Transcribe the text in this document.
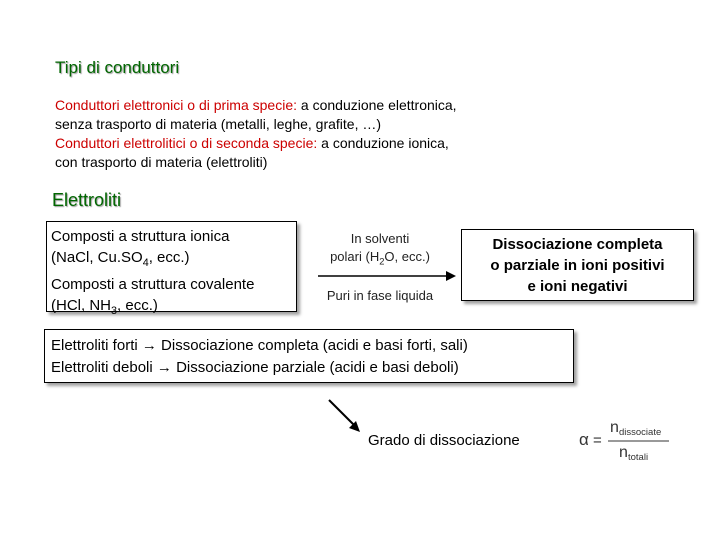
Tipi di conduttori
Conduttori elettronici o di prima specie: a conduzione elettronica,
senza trasporto di materia (metalli, leghe, grafite, …)
Conduttori elettrolitici o di seconda specie: a conduzione ionica,
con trasporto di materia (elettroliti)
Elettroliti
Composti a struttura ionica
(NaCl, $Cu.SO_4$, ecc.)
Composti a struttura covalente
(HCl, $NH_3$, ecc.)
In solventi
polari ($H_2O$, ecc.)
Puri in fase liquida
Dissociazione completa
o parziale in ioni positivi
e ioni negativi
Elettroliti forti → Dissociazione completa (acidi e basi forti, sali)
Elettroliti deboli → Dissociazione parziale (acidi e basi deboli)
Grado di dissociazione	α =
n dissociate
n totali
